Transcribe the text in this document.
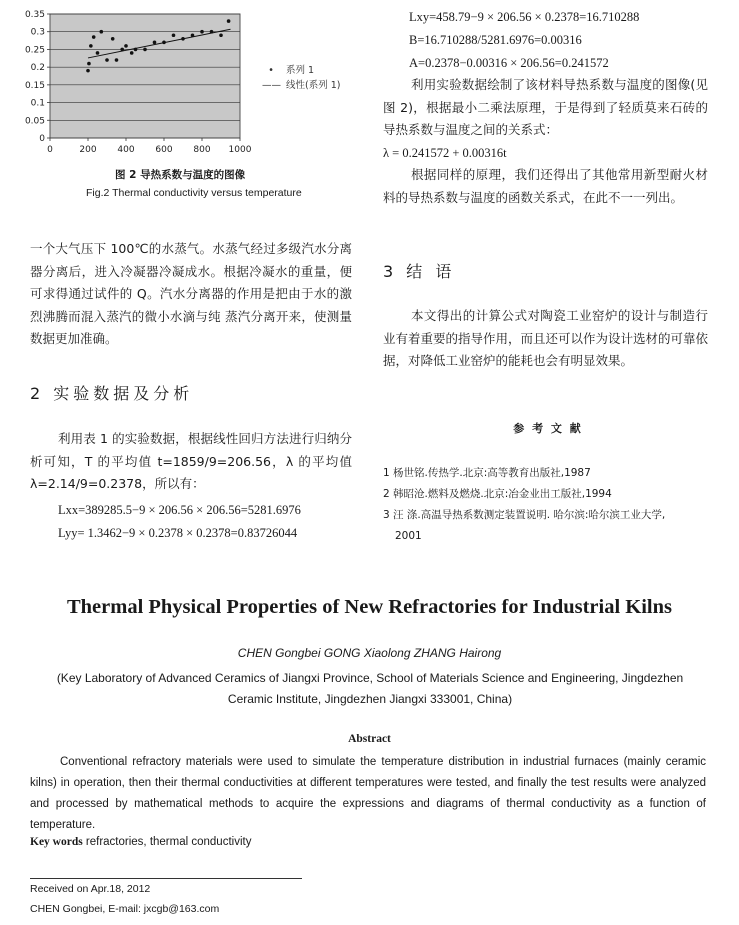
0
0.05
0.1
0.15
0.2
0.25
0.3
0.35
0	200 400 600 800 1000
•	系列 1
—— 线性(系列 1)
图 2 导热系数与温度的图像
Fig.2 Thermal conductivity versus temperature
一个大气压下 100℃的水蒸气。水蒸气经过多级汽水分离器分离后，进入冷凝器冷凝成水。根据冷凝水的重量，便可求得通过试件的 Q。汽水分离器的作用是把由于水的激烈沸腾而混入蒸汽的微小水滴与纯 蒸汽分离开来，使测量数据更加准确。
2 实验数据及分析
利用表 1 的实验数据，根据线性回归方法进行归纳分析可知，T 的平均值 t=1859/9=206.56，λ 的平均值 λ=2.14/9=0.2378，所以有：
Lxx=389285.5−9 × 206.56 × 206.56=5281.6976
Lyy= 1.3462−9 × 0.2378 × 0.2378=0.83726044
Lxy=458.79−9 × 206.56 × 0.2378=16.710288
B=16.710288/5281.6976=0.00316
A=0.2378−0.00316 × 206.56=0.241572
利用实验数据绘制了该材料导热系数与温度的图像(见图 2)，根据最小二乘法原理，于是得到了轻质莫来石砖的导热系数与温度之间的关系式：
λ = 0.241572 + 0.00316t
根据同样的原理，我们还得出了其他常用新型耐火材料的导热系数与温度的函数关系式，在此不一一列出。
3 结 语
本文得出的计算公式对陶瓷工业窑炉的设计与制造行业有着重要的指导作用，而且还可以作为设计选材的可靠依据，对降低工业窑炉的能耗也会有明显效果。
参 考 文 献
1 杨世铭.传热学.北京:高等教育出版社,1987
2 韩昭沧.燃料及燃烧.北京:冶金业出工版社,1994
3 汪 涤.高温导热系数测定装置说明. 哈尔滨:哈尔滨工业大学,
2001
Thermal Physical Properties of New Refractories for Industrial Kilns
CHEN Gongbei GONG Xiaolong ZHANG Hairong
(Key Laboratory of Advanced Ceramics of Jiangxi Province, School of Materials Science and Engineering, Jingdezhen
Ceramic Institute, Jingdezhen Jiangxi 333001, China)
Abstract
Conventional refractory materials were used to simulate the temperature distribution in industrial furnaces (mainly ceramic kilns) in operation, then their thermal conductivities at different temperatures were tested, and finally the test results were analyzed and processed by mathematical methods to acquire the expressions and diagrams of thermal conductivity as a function of temperature.
Key words refractories, thermal conductivity
Received on Apr.18, 2012
CHEN Gongbei, E-mail: jxcgb@163.com
